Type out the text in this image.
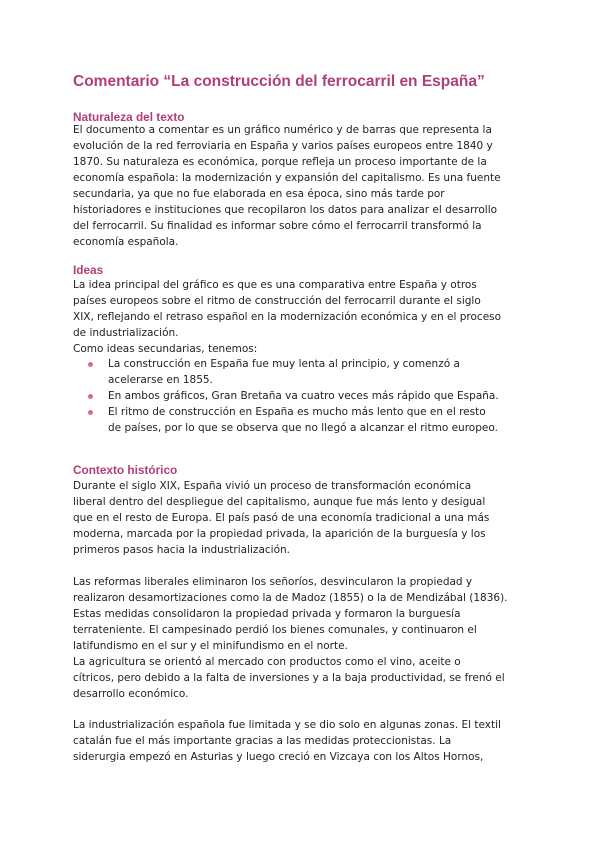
Comentario “La construcción del ferrocarril en España”
Naturaleza del texto
El documento a comentar es un gráfico numérico y de barras que representa la
evolución de la red ferroviaria en España y varios países europeos entre 1840 y
1870. Su naturaleza es económica, porque refleja un proceso importante de la
economía española: la modernización y expansión del capitalismo. Es una fuente
secundaria, ya que no fue elaborada en esa época, sino más tarde por
historiadores e instituciones que recopilaron los datos para analizar el desarrollo
del ferrocarril. Su finalidad es informar sobre cómo el ferrocarril transformó la
economía española.
Ideas
La idea principal del gráfico es que es una comparativa entre España y otros
países europeos sobre el ritmo de construcción del ferrocarril durante el siglo
XIX, reflejando el retraso español en la modernización económica y en el proceso
de industrialización.
Como ideas secundarias, tenemos:
La construcción en España fue muy lenta al principio, y comenzó a
acelerarse en 1855.
En ambos gráficos, Gran Bretaña va cuatro veces más rápido que España.
El ritmo de construcción en España es mucho más lento que en el resto
de países, por lo que se observa que no llegó a alcanzar el ritmo europeo.
Contexto histórico
Durante el siglo XIX, España vivió un proceso de transformación económica
liberal dentro del despliegue del capitalismo, aunque fue más lento y desigual
que en el resto de Europa. El país pasó de una economía tradicional a una más
moderna, marcada por la propiedad privada, la aparición de la burguesía y los
primeros pasos hacia la industrialización.
Las reformas liberales eliminaron los señoríos, desvincularon la propiedad y
realizaron desamortizaciones como la de Madoz (1855) o la de Mendizábal (1836).
Estas medidas consolidaron la propiedad privada y formaron la burguesía
terrateniente. El campesinado perdió los bienes comunales, y continuaron el
latifundismo en el sur y el minifundismo en el norte.
La agricultura se orientó al mercado con productos como el vino, aceite o
cítricos, pero debido a la falta de inversiones y a la baja productividad, se frenó el
desarrollo económico.
La industrialización española fue limitada y se dio solo en algunas zonas. El textil
catalán fue el más importante gracias a las medidas proteccionistas. La
siderurgia empezó en Asturias y luego creció en Vizcaya con los Altos Hornos,
